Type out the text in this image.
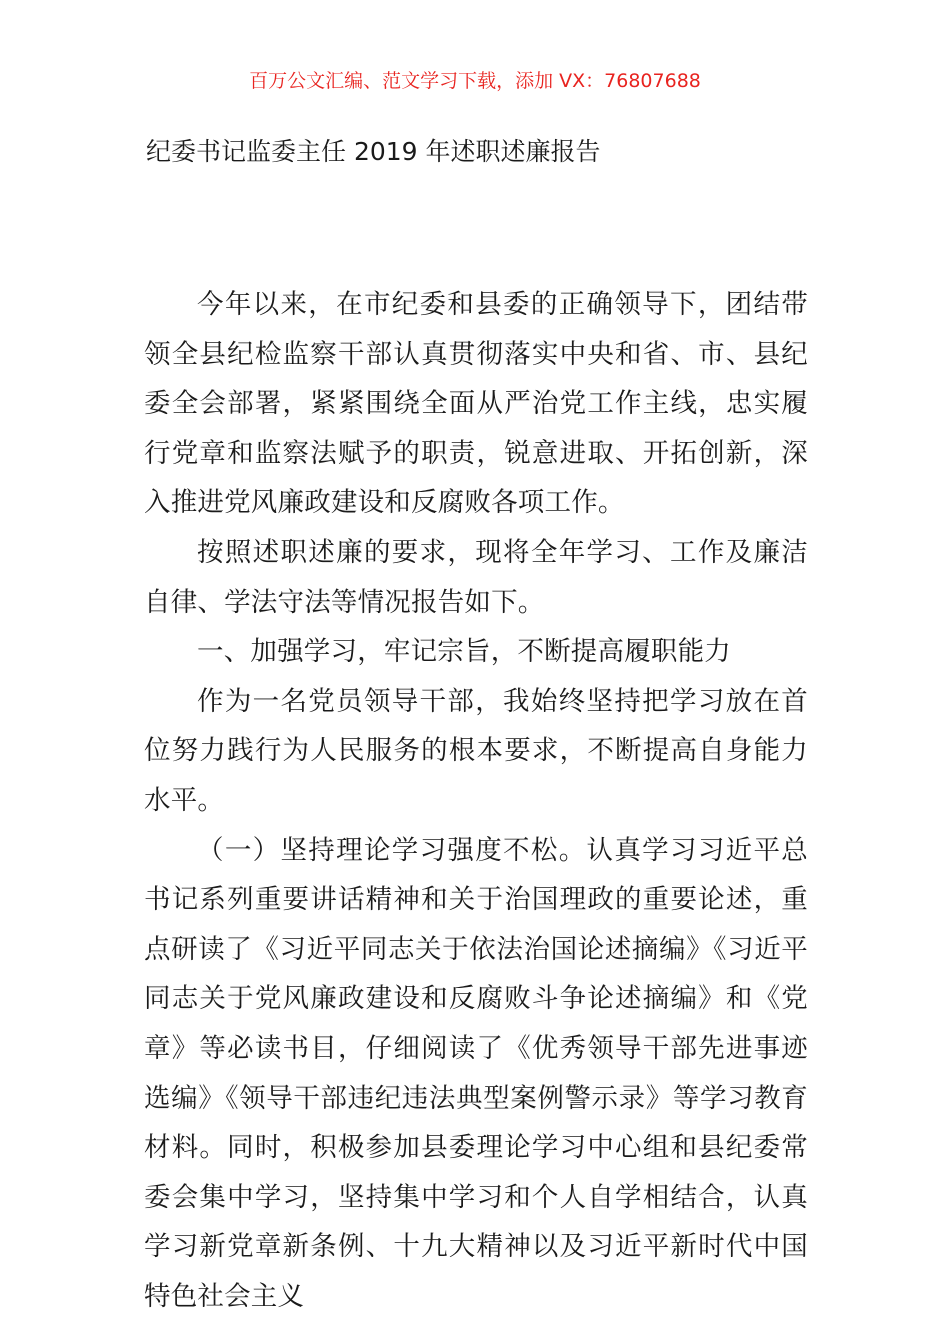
百万公文汇编、范文学习下载，添加 VX：76807688
纪委书记监委主任 2019 年述职述廉报告

今年以来，在市纪委和县委的正确领导下，团结带领全县纪检监察干部认真贯彻落实中央和省、市、县纪委全会部署，紧紧围绕全面从严治党工作主线，忠实履行党章和监察法赋予的职责，锐意进取、开拓创新，深入推进党风廉政建设和反腐败各项工作。

按照述职述廉的要求，现将全年学习、工作及廉洁自律、学法守法等情况报告如下。

一、加强学习，牢记宗旨，不断提高履职能力

作为一名党员领导干部，我始终坚持把学习放在首位努力践行为人民服务的根本要求，不断提高自身能力水平。

（一）坚持理论学习强度不松。认真学习习近平总书记系列重要讲话精神和关于治国理政的重要论述，重点研读了《习近平同志关于依法治国论述摘编》《习近平同志关于党风廉政建设和反腐败斗争论述摘编》和《党章》等必读书目，仔细阅读了《优秀领导干部先进事迹选编》《领导干部违纪违法典型案例警示录》等学习教育材料。同时，积极参加县委理论学习中心组和县纪委常委会集中学习，坚持集中学习和个人自学相结合，认真学习新党章新条例、十九大精神以及习近平新时代中国特色社会主义
